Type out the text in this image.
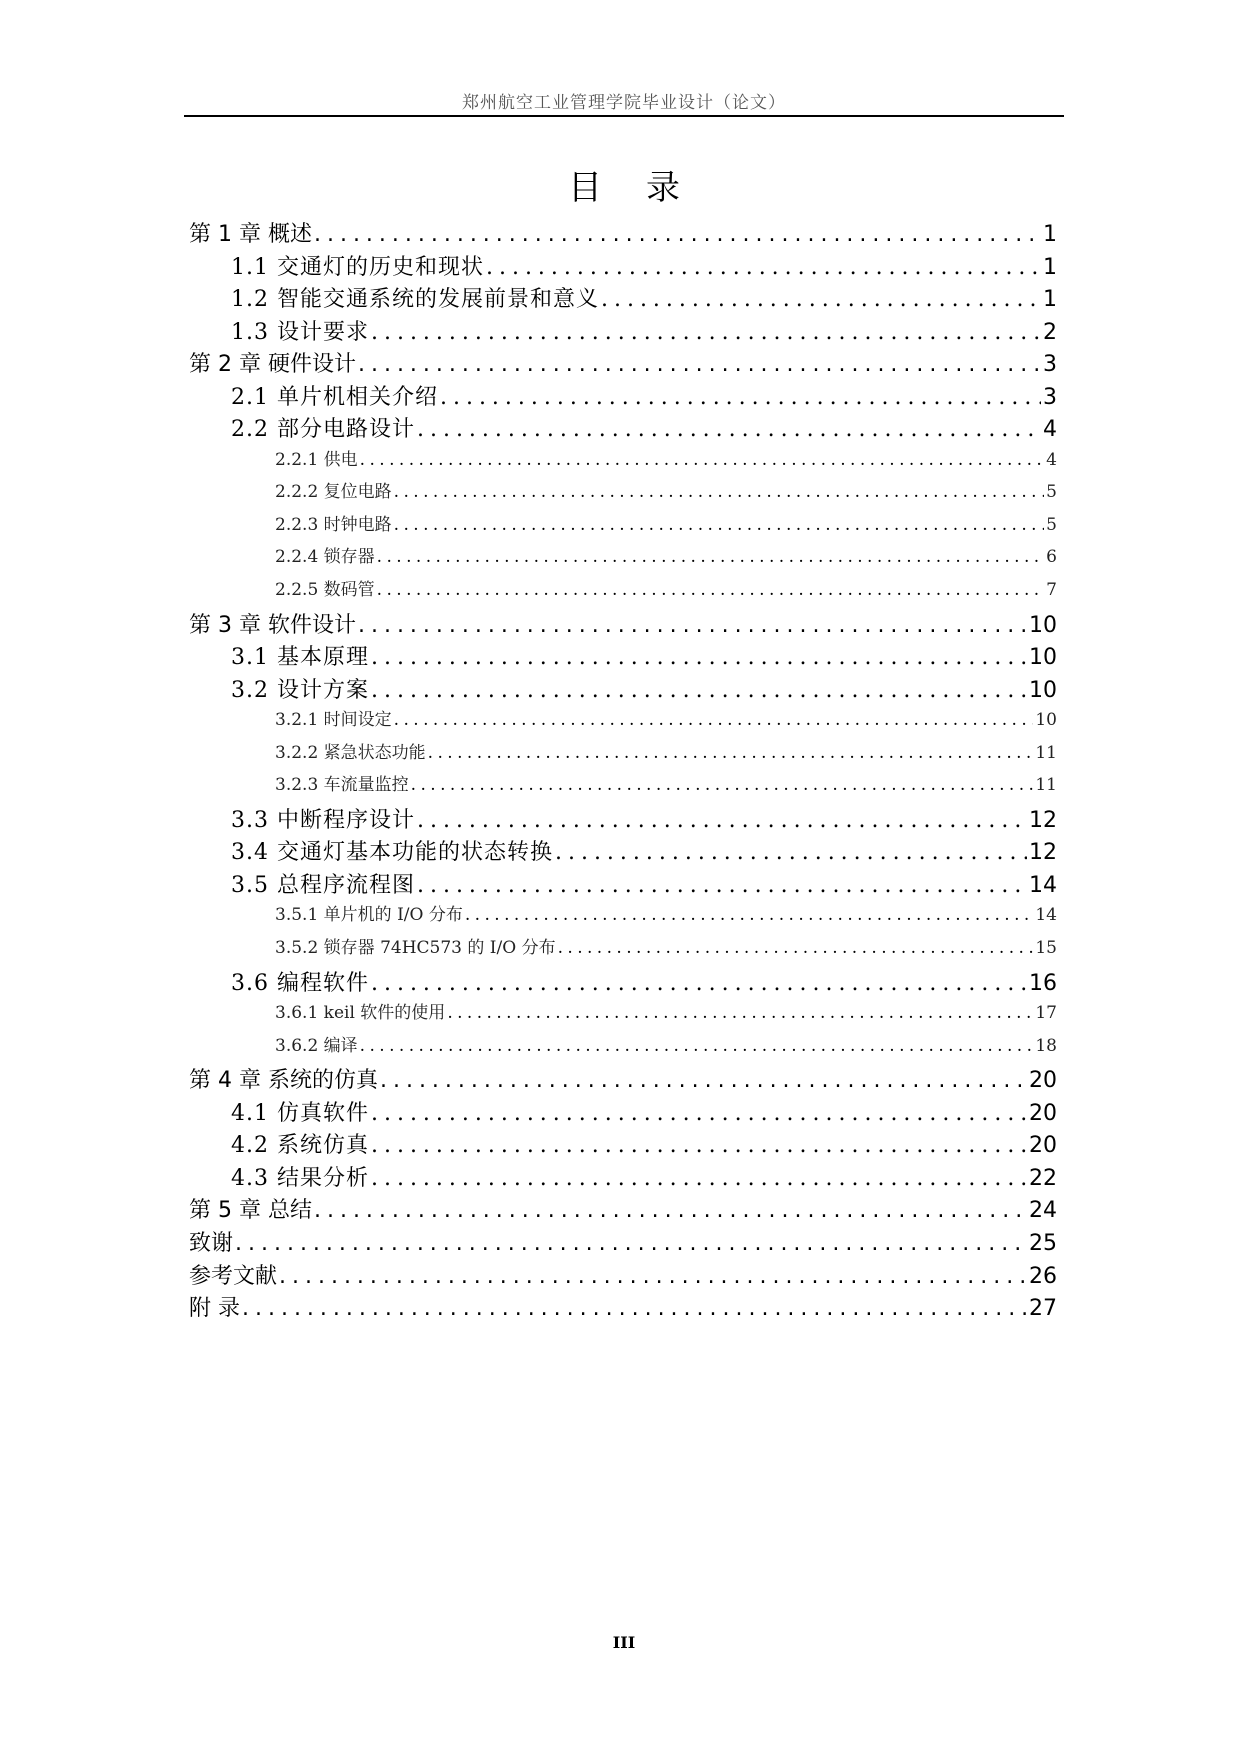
郑州航空工业管理学院毕业设计（论文）
目录
第 1 章 概述 . . .	1
1.1 交通灯的历史和现状 . . .	1
1.2 智能交通系统的发展前景和意义 . . .	1
1.3 设计要求 . . .	2
第 2 章 硬件设计 . . .	3
2.1 单片机相关介绍 . . .	3
2.2 部分电路设计 . . .	4
2.2.1 供电 . . .	4
2.2.2 复位电路 . . .	5
2.2.3 时钟电路 . . .	5
2.2.4 锁存器 . . .	6
2.2.5 数码管 . . .	7
第 3 章 软件设计 . . .	10
3.1 基本原理 . . .	10
3.2 设计方案 . . .	10
3.2.1 时间设定 . . .	10
3.2.2 紧急状态功能 . . .	11
3.2.3 车流量监控 . . .	11
3.3 中断程序设计 . . .	12
3.4 交通灯基本功能的状态转换 . . .	12
3.5 总程序流程图 . . .	14
3.5.1 单片机的 I/O 分布 . . .	14
3.5.2 锁存器 74HC573 的 I/O 分布 . . .	15
3.6 编程软件 . . .	16
3.6.1 keil 软件的使用 . . .	17
3.6.2 编译 . . .	18
第 4 章 系统的仿真 . . .	20
4.1 仿真软件 . . .	20
4.2 系统仿真 . . .	20
4.3 结果分析 . . .	22
第 5 章 总结 . . .	24
致谢 . . .	25
参考文献 . . .	26
附 录 . . .	27
III
